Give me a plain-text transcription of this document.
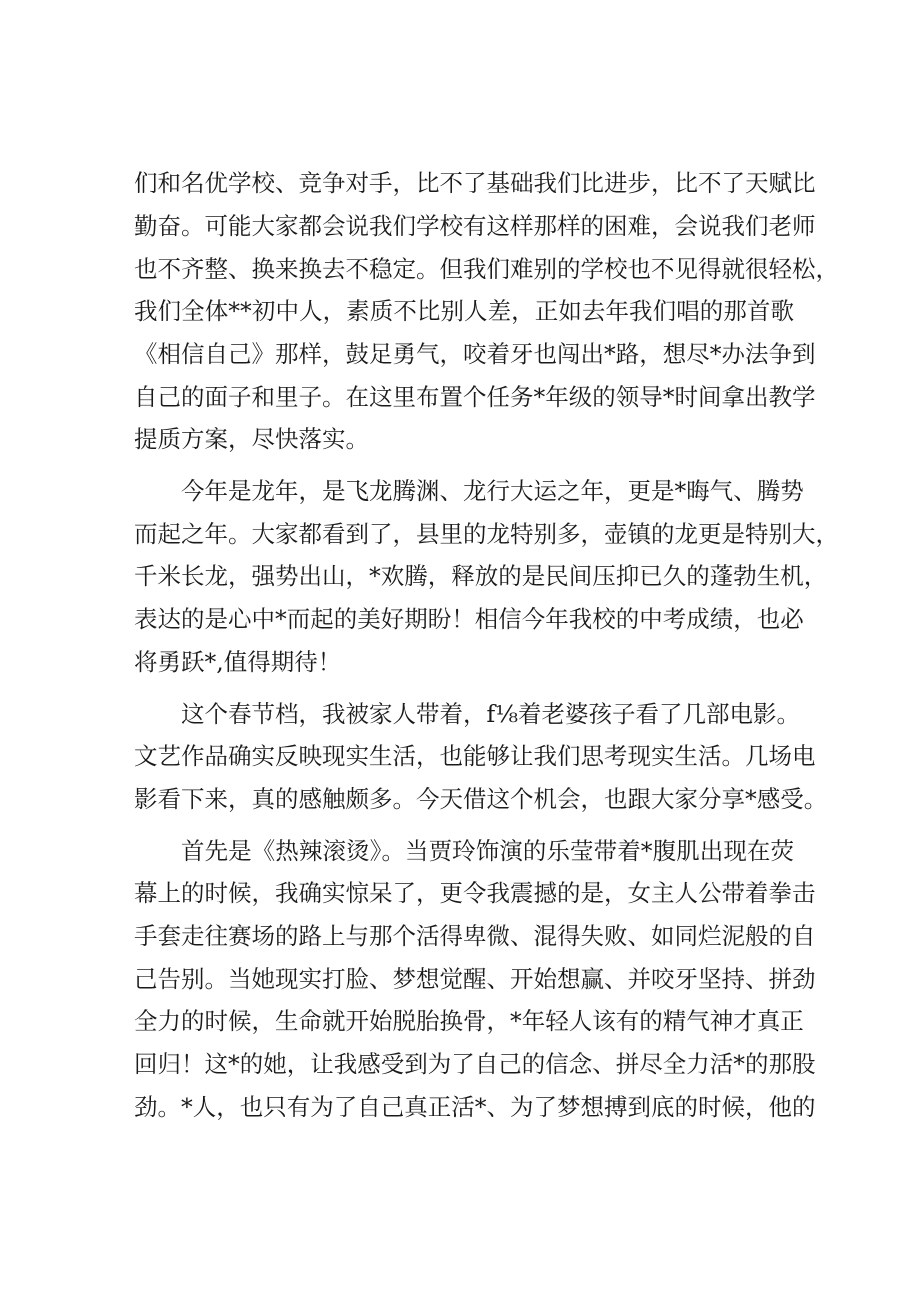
们和名优学校、竞争对手，比不了基础我们比进步，比不了天赋比

勤奋。可能大家都会说我们学校有这样那样的困难，会说我们老师

也不齐整、换来换去不稳定。但我们难别的学校也不见得就很轻松，

我们全体**初中人，素质不比别人差，正如去年我们唱的那首歌

《相信自己》那样，鼓足勇气，咬着牙也闯出*路，想尽*办法争到

自己的面子和里子。在这里布置个任务*年级的领导*时间拿出教学

提质方案，尽快落实。

今年是龙年，是飞龙腾渊、龙行大运之年，更是*晦气、腾势

而起之年。大家都看到了，县里的龙特别多，壶镇的龙更是特别大，

千米长龙，强势出山，*欢腾，释放的是民间压抑已久的蓬勃生机，

表达的是心中*而起的美好期盼！相信今年我校的中考成绩，也必

将勇跃*,值得期待！

这个春节档，我被家人带着，f⅛着老婆孩子看了几部电影。

文艺作品确实反映现实生活，也能够让我们思考现实生活。几场电

影看下来，真的感触颇多。今天借这个机会，也跟大家分享*感受。

首先是《热辣滚烫》。当贾玲饰演的乐莹带着*腹肌出现在荧

幕上的时候，我确实惊呆了，更令我震撼的是，女主人公带着拳击

手套走往赛场的路上与那个活得卑微、混得失败、如同烂泥般的自

己告别。当她现实打脸、梦想觉醒、开始想赢、并咬牙坚持、拼劲

全力的时候，生命就开始脱胎换骨，*年轻人该有的精气神才真正

回归！这*的她，让我感受到为了自己的信念、拼尽全力活*的那股

劲。*人，也只有为了自己真正活*、为了梦想搏到底的时候，他的
